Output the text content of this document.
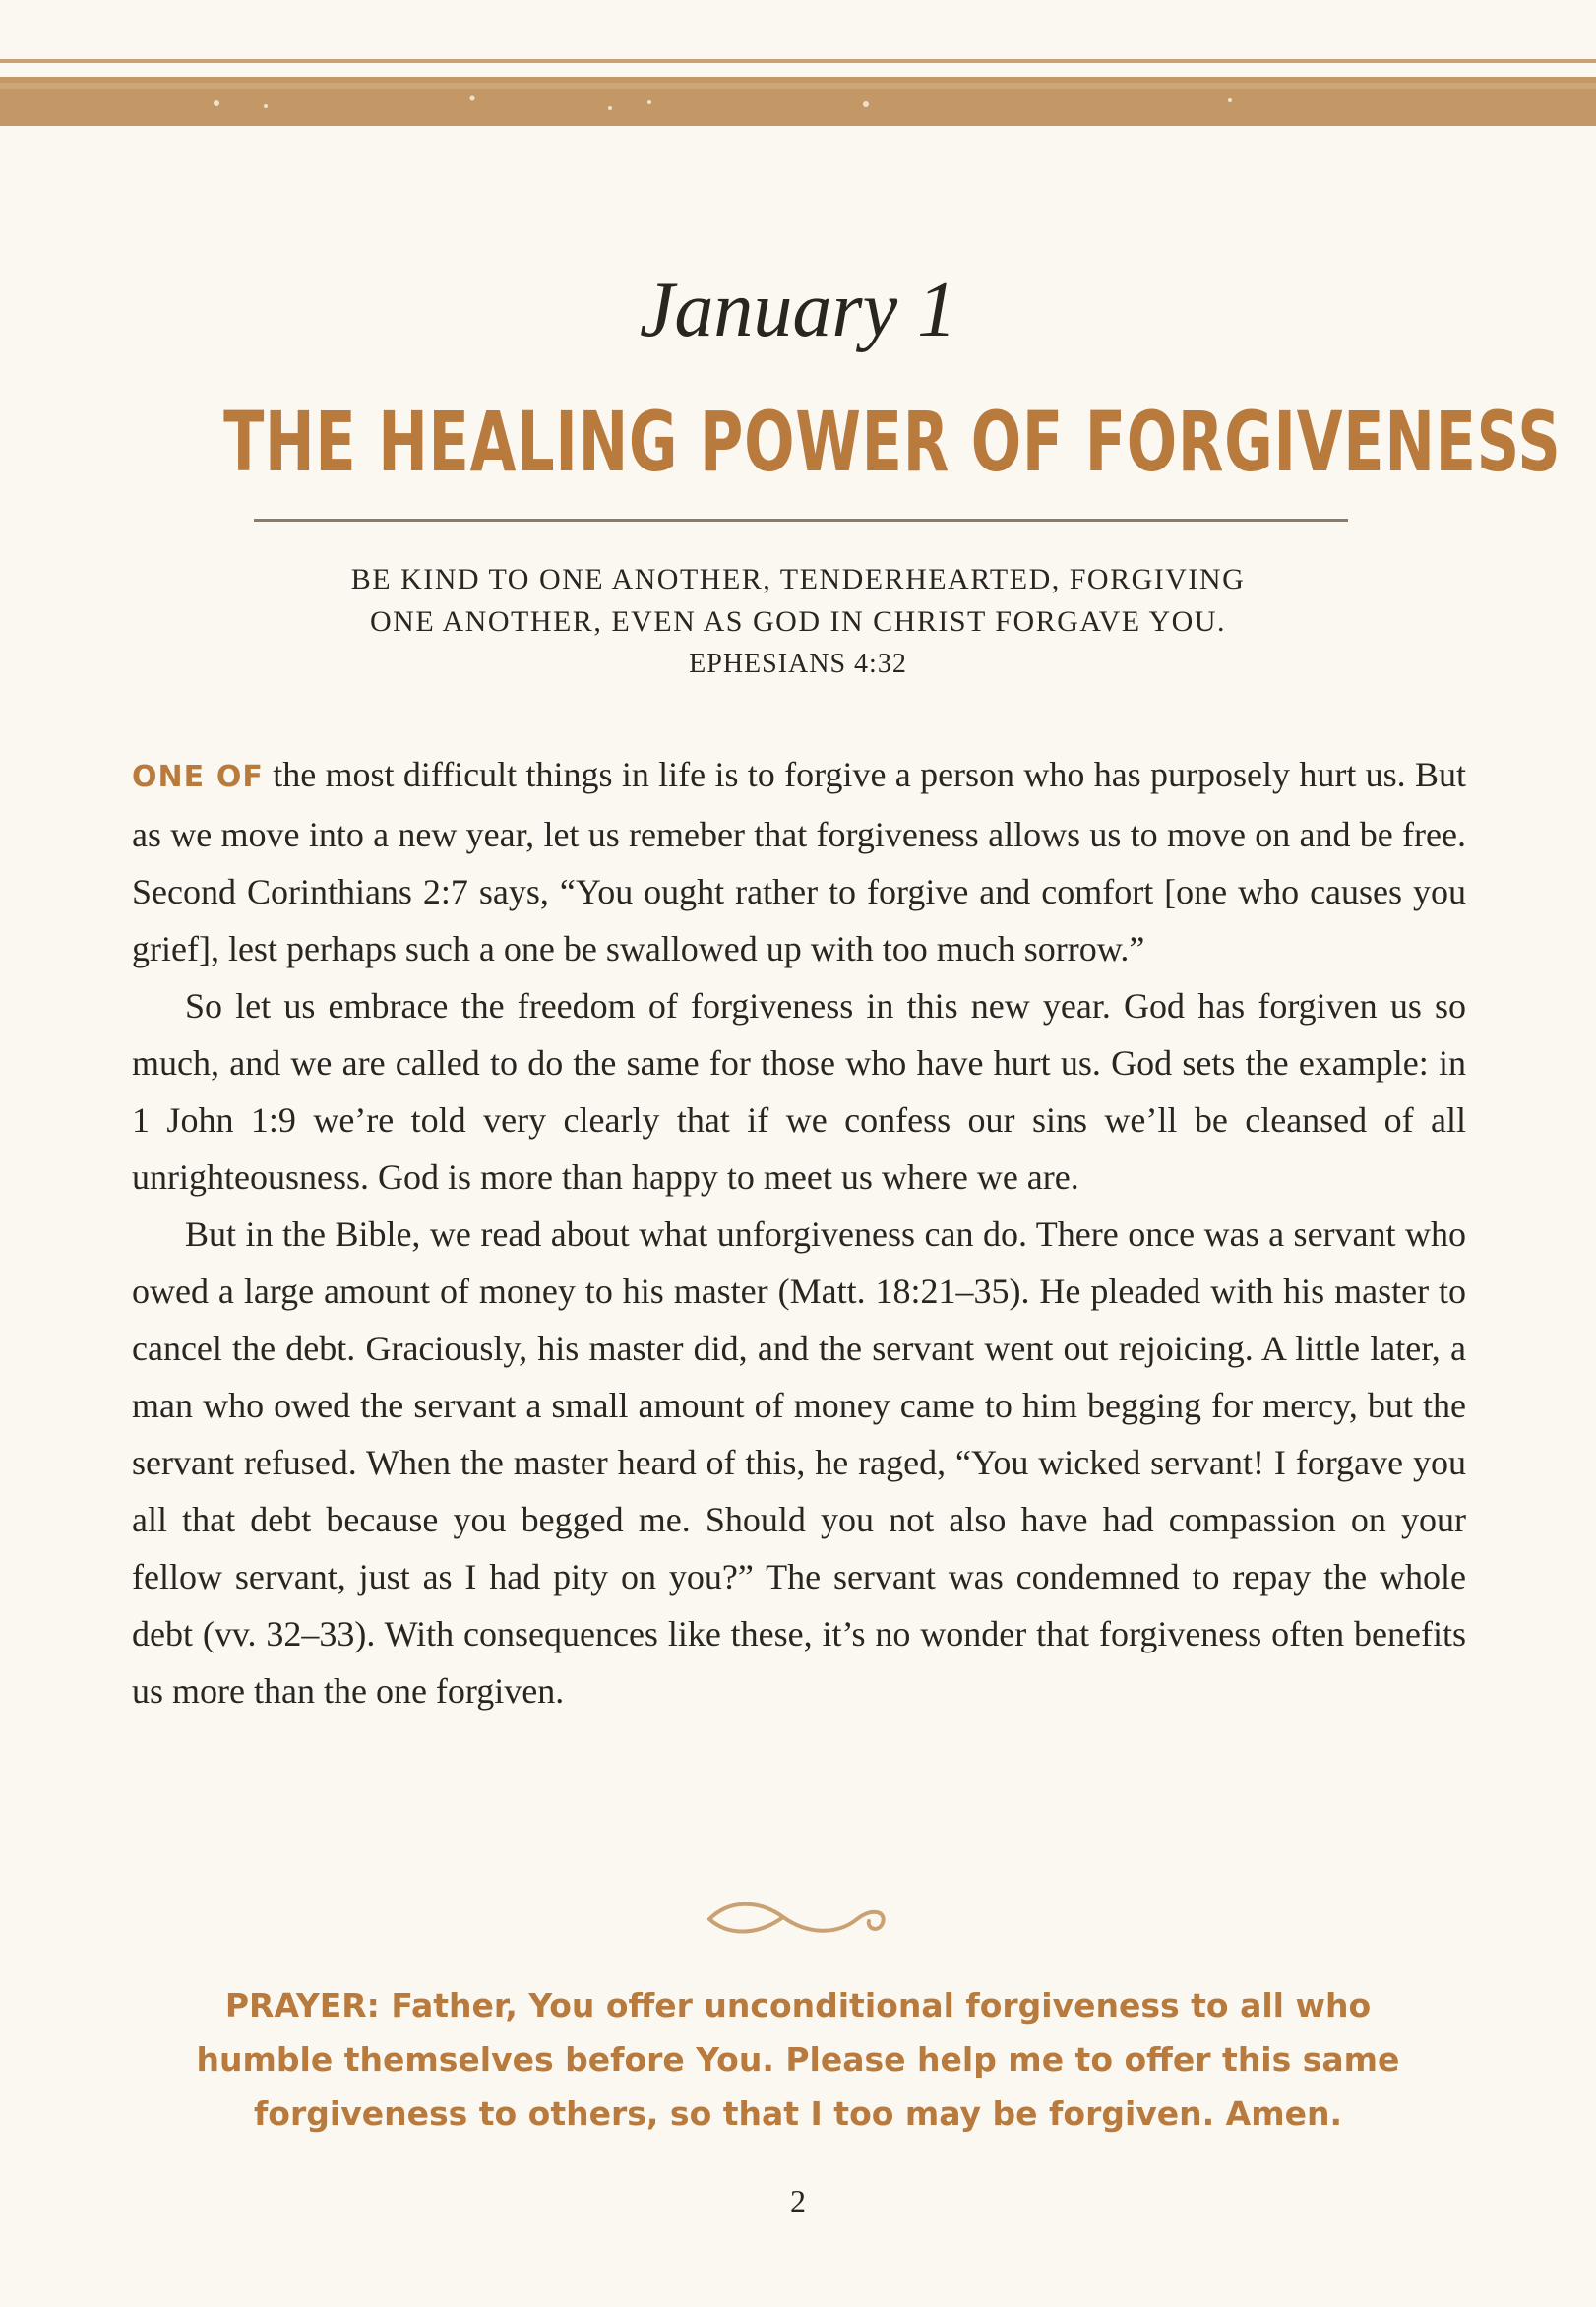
January 1
THE HEALING POWER OF FORGIVENESS
BE KIND TO ONE ANOTHER, TENDERHEARTED, FORGIVING
ONE ANOTHER, EVEN AS GOD IN CHRIST FORGAVE YOU.
EPHESIANS 4:32

ONE OF the most difficult things in life is to forgive a person who has purposely hurt us. But as we move into a new year, let us remeber that forgiveness allows us to move on and be free. Second Corinthians 2:7 says, “You ought rather to forgive and comfort [one who causes you grief], lest perhaps such a one be swallowed up with too much sorrow.”

So let us embrace the freedom of forgiveness in this new year. God has forgiven us so much, and we are called to do the same for those who have hurt us. God sets the example: in 1 John 1:9 we’re told very clearly that if we confess our sins we’ll be cleansed of all unrighteousness. God is more than happy to meet us where we are.

But in the Bible, we read about what unforgiveness can do. There once was a servant who owed a large amount of money to his master (Matt. 18:21–35). He pleaded with his master to cancel the debt. Graciously, his master did, and the servant went out rejoicing. A little later, a man who owed the servant a small amount of money came to him begging for mercy, but the servant refused. When the master heard of this, he raged, “You wicked servant! I forgave you all that debt because you begged me. Should you not also have had compassion on your fellow servant, just as I had pity on you?” The servant was condemned to repay the whole debt (vv. 32–33). With consequences like these, it’s no wonder that forgiveness often benefits us more than the one forgiven.

PRAYER: Father, You offer unconditional forgiveness to all who
humble themselves before You. Please help me to offer this same
forgiveness to others, so that I too may be forgiven. Amen.
2
